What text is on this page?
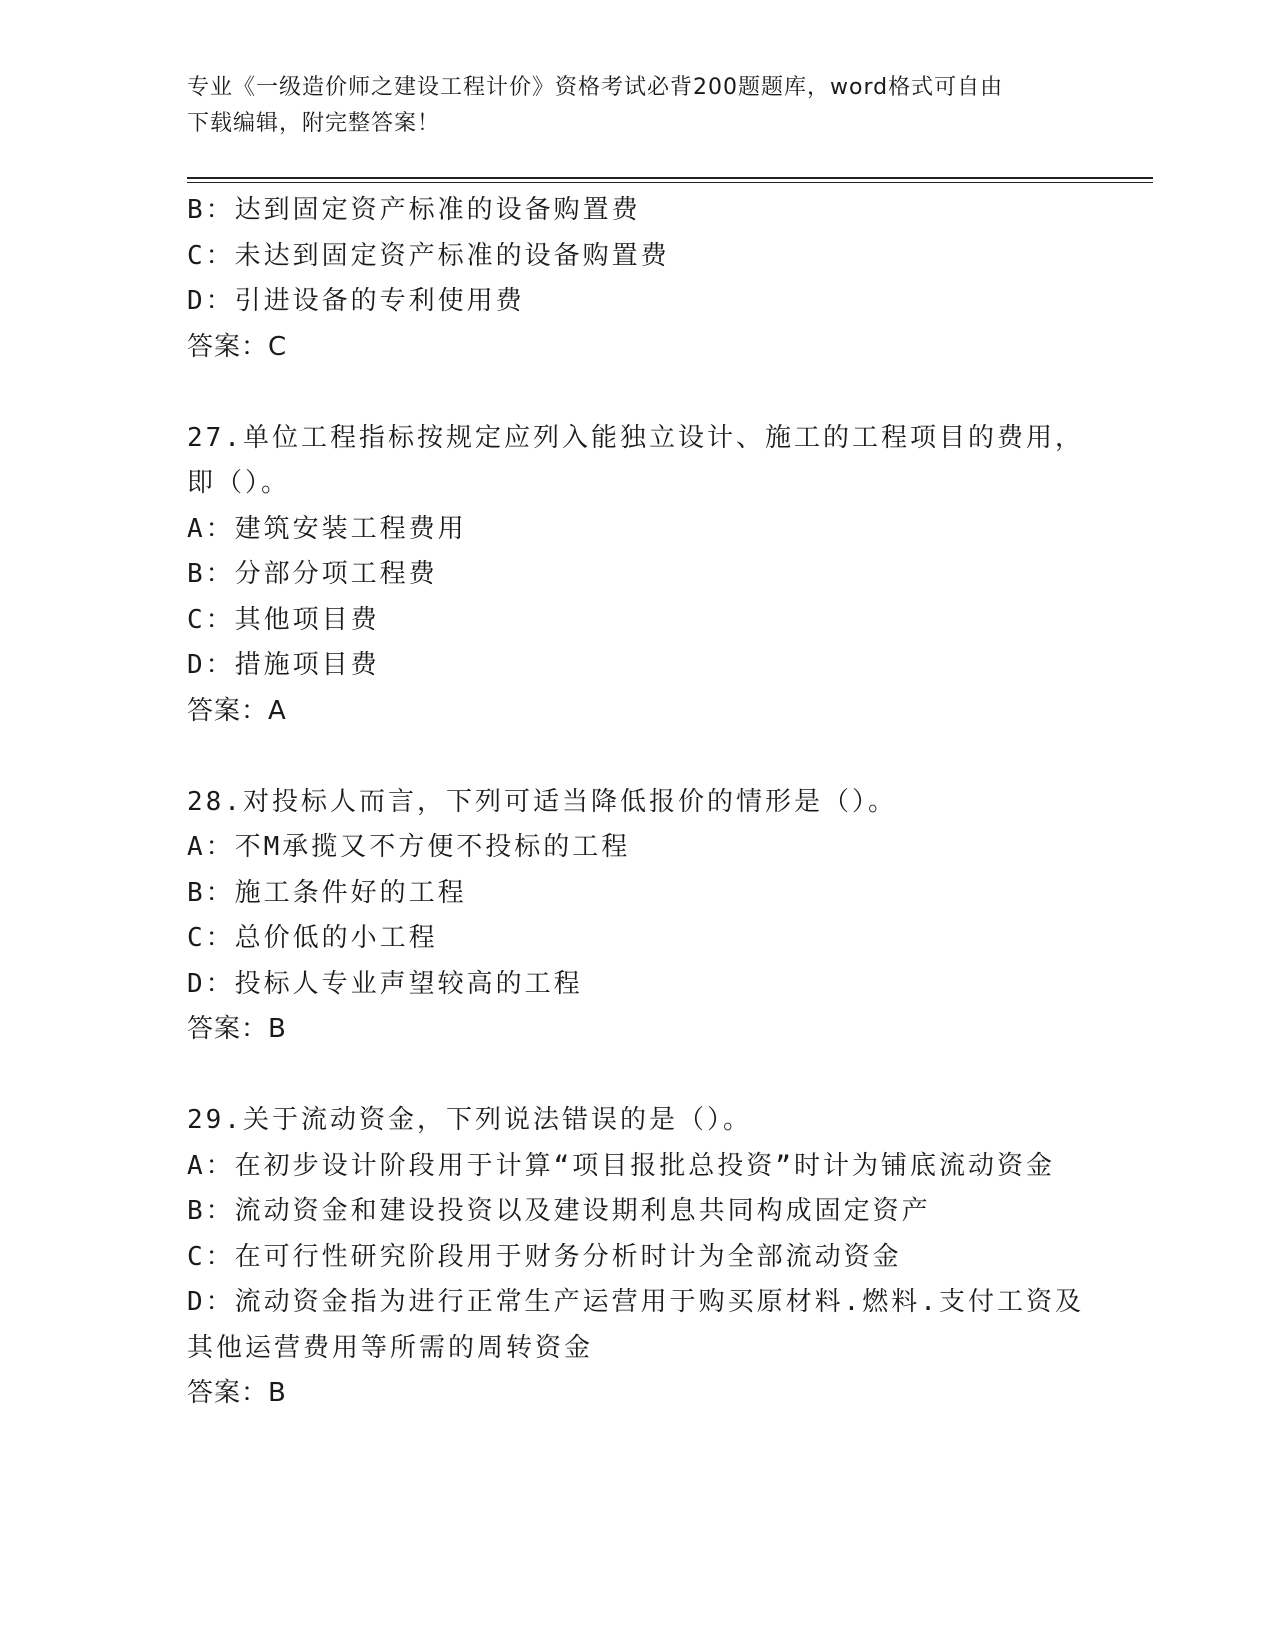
专业《一级造价师之建设工程计价》资格考试必背200题题库，word格式可自由
下载编辑，附完整答案！
B：达到固定资产标准的设备购置费
C：未达到固定资产标准的设备购置费
D：引进设备的专利使用费
答案：C
27.单位工程指标按规定应列入能独立设计、施工的工程项目的费用，
即（）。
A：建筑安装工程费用
B：分部分项工程费
C：其他项目费
D：措施项目费
答案：A
28.对投标人而言，下列可适当降低报价的情形是（）。
A：不M承揽又不方便不投标的工程
B：施工条件好的工程
C：总价低的小工程
D：投标人专业声望较高的工程
答案：B
29.关于流动资金，下列说法错误的是（）。
A：在初步设计阶段用于计算“项目报批总投资”时计为铺底流动资金
B：流动资金和建设投资以及建设期利息共同构成固定资产
C：在可行性研究阶段用于财务分析时计为全部流动资金
D：流动资金指为进行正常生产运营用于购买原材料.燃料.支付工资及
其他运营费用等所需的周转资金
答案：B
